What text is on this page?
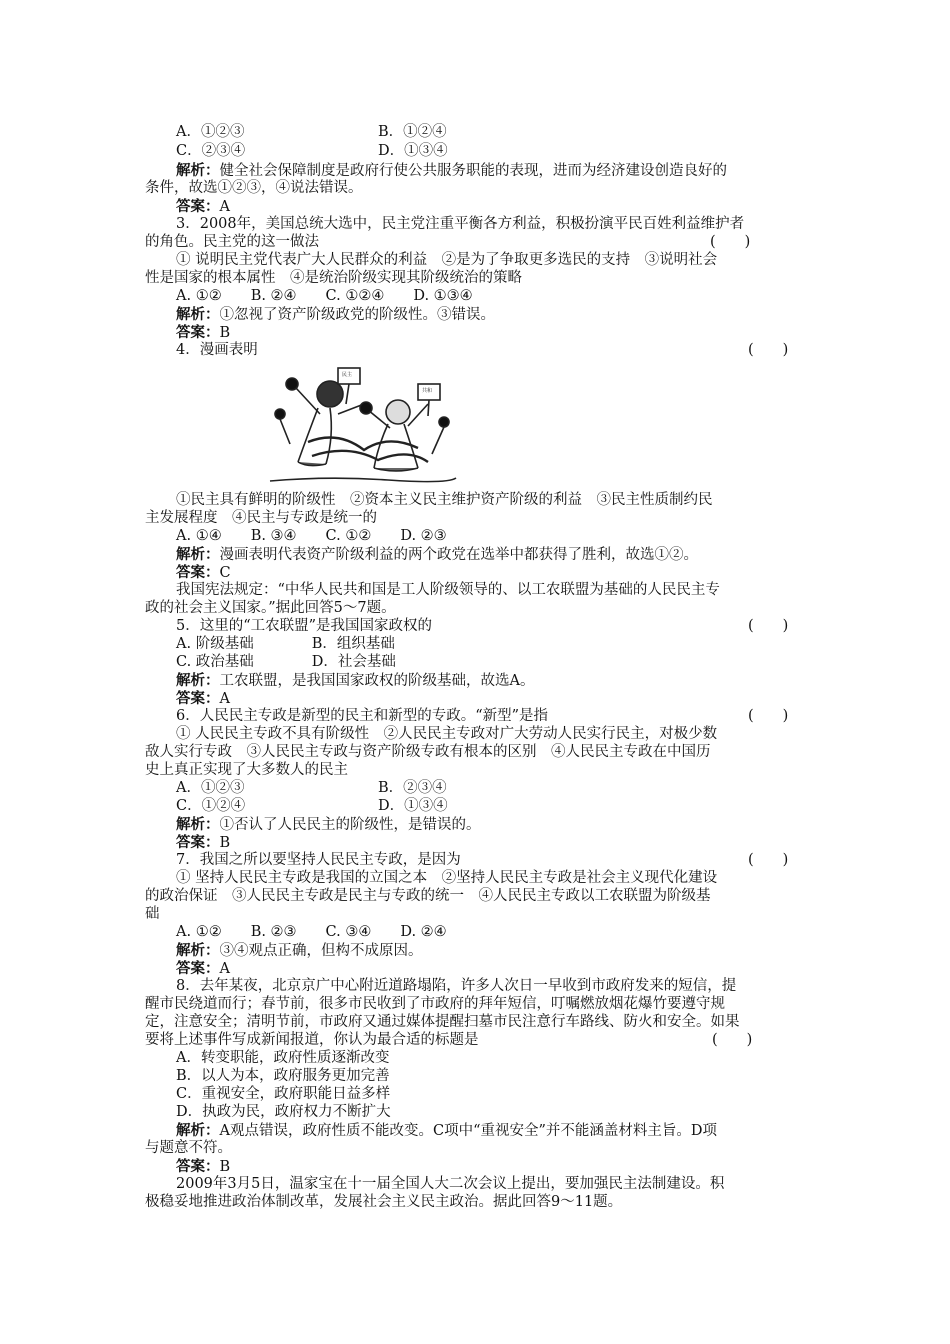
A．①②③	B．①②④
C．②③④	D．①③④
解析：健全社会保障制度是政府行使公共服务职能的表现，进而为经济建设创造良好的
条件，故选①②③，④说法错误。
答案：A
3．2008年，美国总统大选中，民主党注重平衡各方利益，积极扮演平民百姓利益维护者
的角色。民主党的这一做法	(　　)
① 说明民主党代表广大人民群众的利益　②是为了争取更多选民的支持　③说明社会
性是国家的根本属性　④是统治阶级实现其阶级统治的策略
A. ①②　　B. ②④　　C. ①②④　　D. ①③④
解析：①忽视了资产阶级政党的阶级性。③错误。
答案：B
4．漫画表明	(　　)
民主
共和
①民主具有鲜明的阶级性　②资本主义民主维护资产阶级的利益　③民主性质制约民
主发展程度　④民主与专政是统一的
A. ①④　　B. ③④　　C. ①②　　D. ②③
解析：漫画表明代表资产阶级利益的两个政党在选举中都获得了胜利，故选①②。
答案：C
我国宪法规定：“中华人民共和国是工人阶级领导的、以工农联盟为基础的人民民主专
政的社会主义国家。”据此回答5～7题。
5．这里的“工农联盟”是我国国家政权的	(　　)
A. 阶级基础　　　　B．组织基础
C. 政治基础　　　　D．社会基础
解析：工农联盟，是我国国家政权的阶级基础，故选A。
答案：A
6．人民民主专政是新型的民主和新型的专政。“新型”是指	(　　)
① 人民民主专政不具有阶级性　②人民民主专政对广大劳动人民实行民主，对极少数
敌人实行专政　③人民民主专政与资产阶级专政有根本的区别　④人民民主专政在中国历
史上真正实现了大多数人的民主
A．①②③	B．②③④
C．①②④	D．①③④
解析：①否认了人民民主的阶级性，是错误的。
答案：B
7．我国之所以要坚持人民民主专政，是因为	(　　)
① 坚持人民民主专政是我国的立国之本　②坚持人民民主专政是社会主义现代化建设
的政治保证　③人民民主专政是民主与专政的统一　④人民民主专政以工农联盟为阶级基
础
A. ①②　　B. ②③　　C. ③④　　D. ②④
解析：③④观点正确，但构不成原因。
答案：A
8．去年某夜，北京京广中心附近道路塌陷，许多人次日一早收到市政府发来的短信，提
醒市民绕道而行；春节前，很多市民收到了市政府的拜年短信，叮嘱燃放烟花爆竹要遵守规
定，注意安全；清明节前，市政府又通过媒体提醒扫墓市民注意行车路线、防火和安全。如果
要将上述事件写成新闻报道，你认为最合适的标题是	(　　)
A．转变职能，政府性质逐渐改变
B．以人为本，政府服务更加完善
C．重视安全，政府职能日益多样
D．执政为民，政府权力不断扩大
解析：A观点错误，政府性质不能改变。C项中“重视安全”并不能涵盖材料主旨。D项
与题意不符。
答案：B
2009年3月5日，温家宝在十一届全国人大二次会议上提出，要加强民主法制建设。积
极稳妥地推进政治体制改革，发展社会主义民主政治。据此回答9～11题。
